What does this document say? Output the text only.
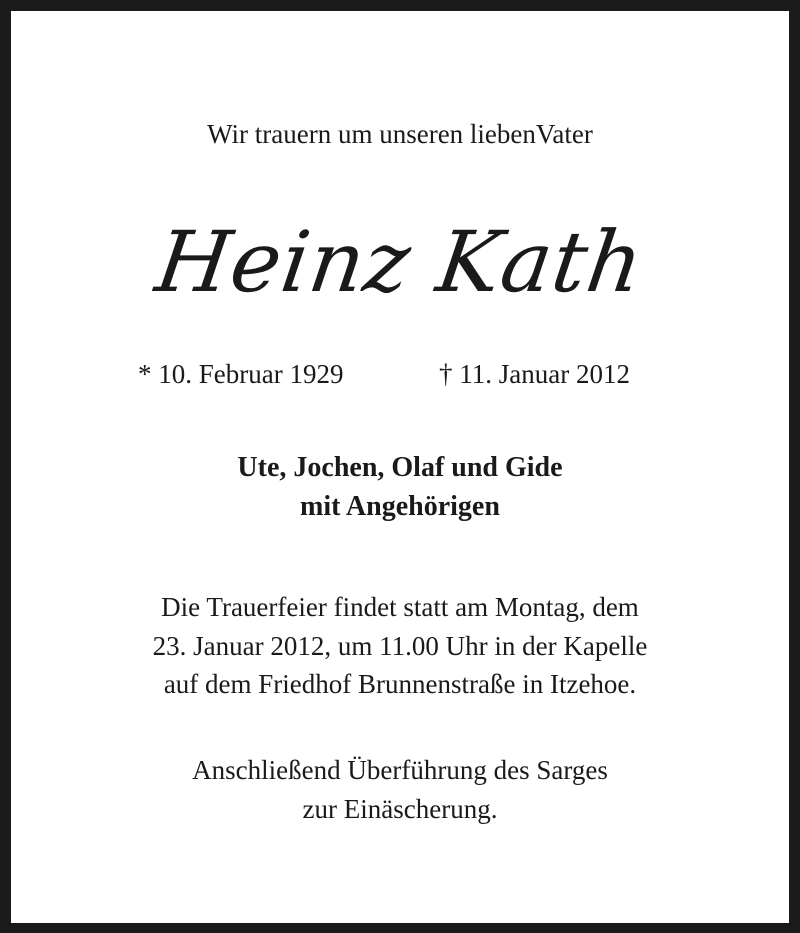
Wir trauern um unseren liebenVater
Heinz Kath
* 10. Februar 1929	† 11. Januar 2012
Ute, Jochen, Olaf und Gide
mit Angehörigen
Die Trauerfeier findet statt am Montag, dem
23. Januar 2012, um 11.00 Uhr in der Kapelle
auf dem Friedhof Brunnenstraße in Itzehoe.
Anschließend Überführung des Sarges
zur Einäscherung.
